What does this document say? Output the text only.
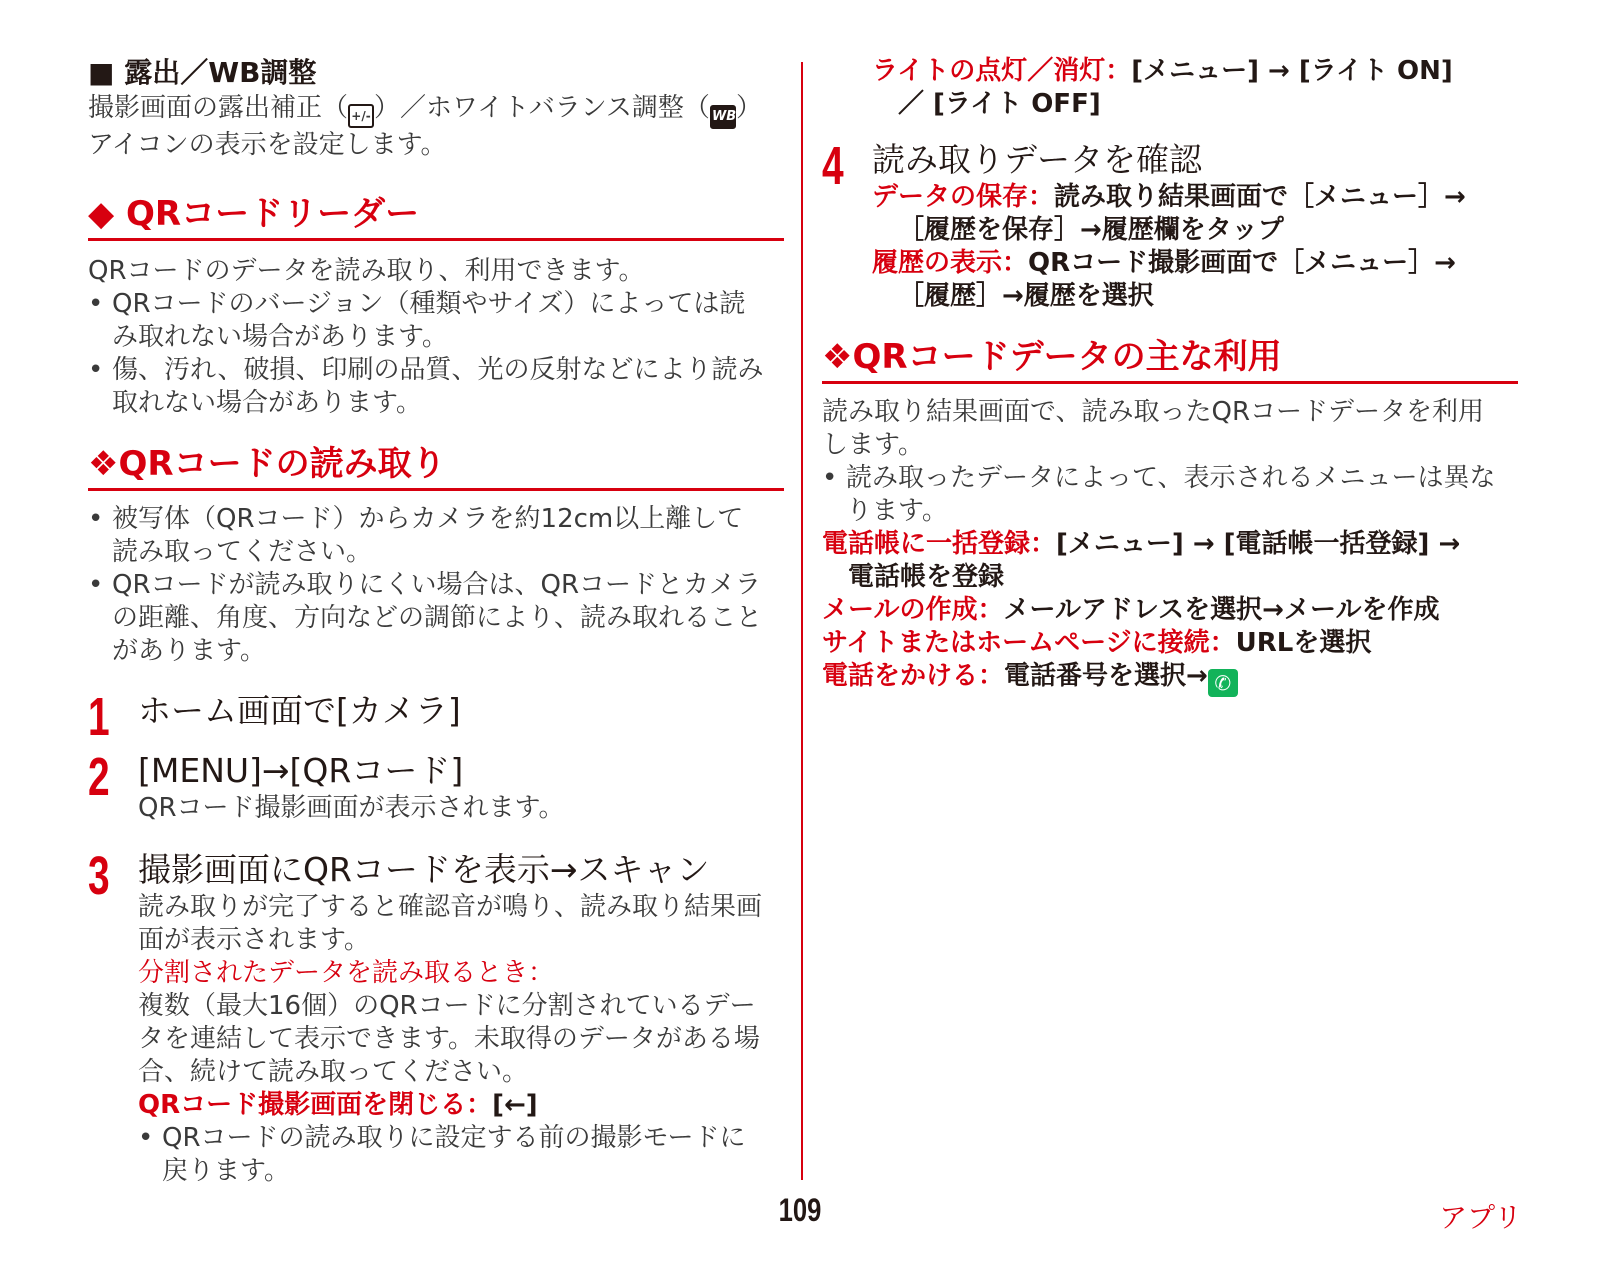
■ 露出／WB調整

撮影画面の露出補正（ +/- ）／ホワイトバランス調整（ WB）

アイコンの表示を設定します。

◆ QRコードリーダー

QRコードのデータを読み取り、利用できます。

• QRコードのバージョン（種類やサイズ）によっては読
み取れない場合があります。
• 傷、汚れ、破損、印刷の品質、光の反射などにより読み
取れない場合があります。

❖QRコードの読み取り

• 被写体（QRコード）からカメラを約12cm以上離して
読み取ってください。
• QRコードが読み取りにくい場合は、QRコードとカメラ
の距離、角度、方向などの調節により、読み取れること
があります。
1 ホーム画面で[カメラ]

2 [MENU]→[QRコード]

QRコード撮影画面が表示されます。

3 撮影画面にQRコードを表示→スキャン

読み取りが完了すると確認音が鳴り、読み取り結果画

面が表示されます。

分割されたデータを読み取るとき：

複数（最大16個）のQRコードに分割されているデー

タを連結して表示できます。未取得のデータがある場

合、続けて読み取ってください。

QRコード撮影画面を閉じる：[←]

• QRコードの読み取りに設定する前の撮影モードに
戻ります。

ライトの点灯／消灯：[メニュー] → [ライト ON]

／ [ライト OFF]

4 読み取りデータを確認

データの保存：読み取り結果画面で［メニュー］→

［履歴を保存］→履歴欄をタップ

履歴の表示：QRコード撮影画面で［メニュー］→

［履歴］→履歴を選択

❖QRコードデータの主な利用

読み取り結果画面で、読み取ったQRコードデータを利用

します。

• 読み取ったデータによって、表示されるメニューは異な
ります。

電話帳に一括登録：[メニュー] → [電話帳一括登録] →

電話帳を登録

メールの作成：メールアドレスを選択→メールを作成

サイトまたはホームページに接続：URLを選択

電話をかける：電話番号を選択→ ✆

109	アプリ
